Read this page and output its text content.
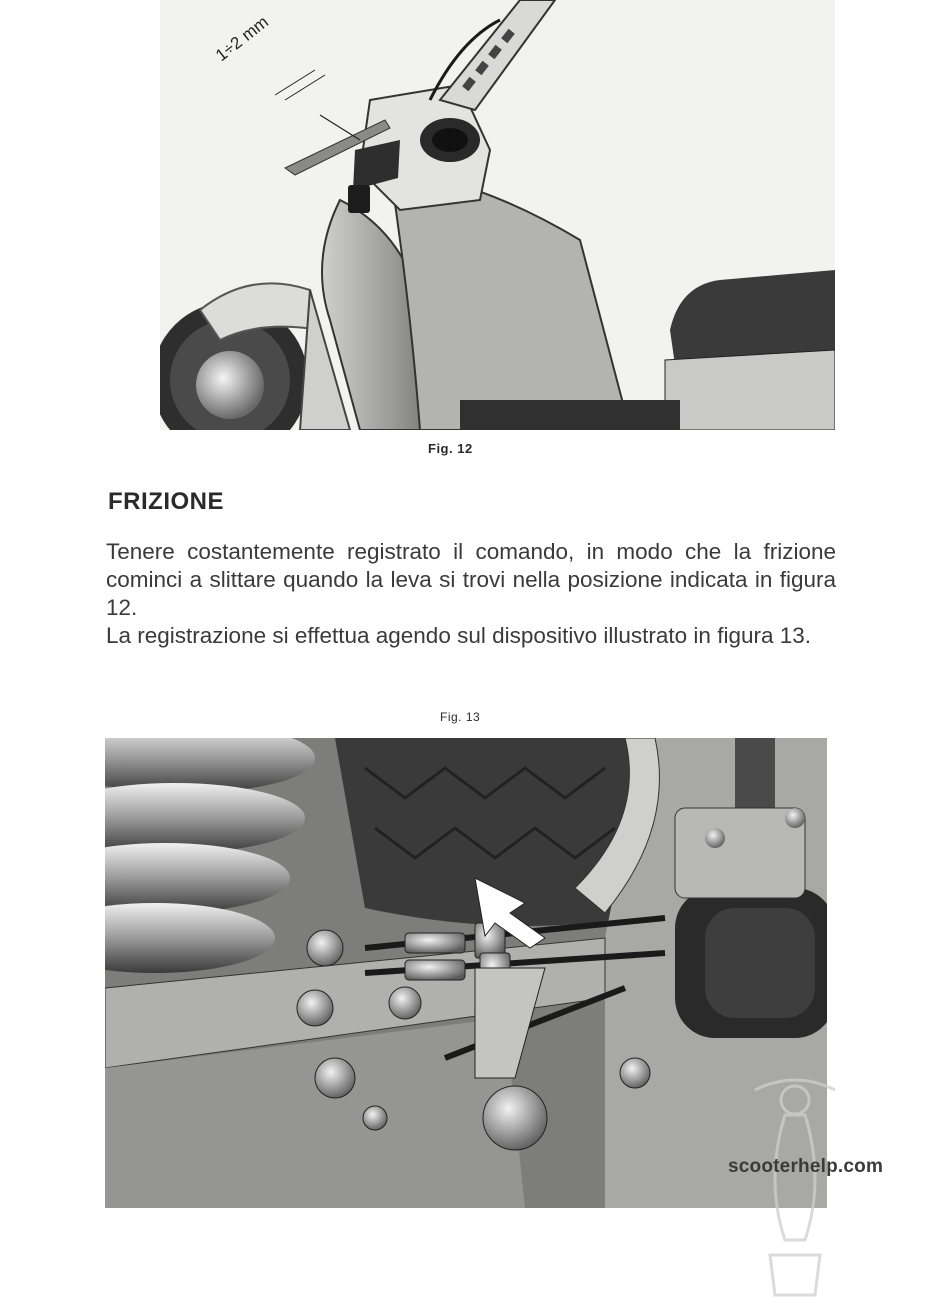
1÷2 mm
Fig. 12
FRIZIONE

Tenere costantemente registrato il comando, in modo che la frizione cominci a slittare quando la leva si trovi nella posizione indicata in figura 12.

La registrazione si effettua agendo sul dispositivo illustrato in figura 13.

Fig. 13
scooterhelp.com
